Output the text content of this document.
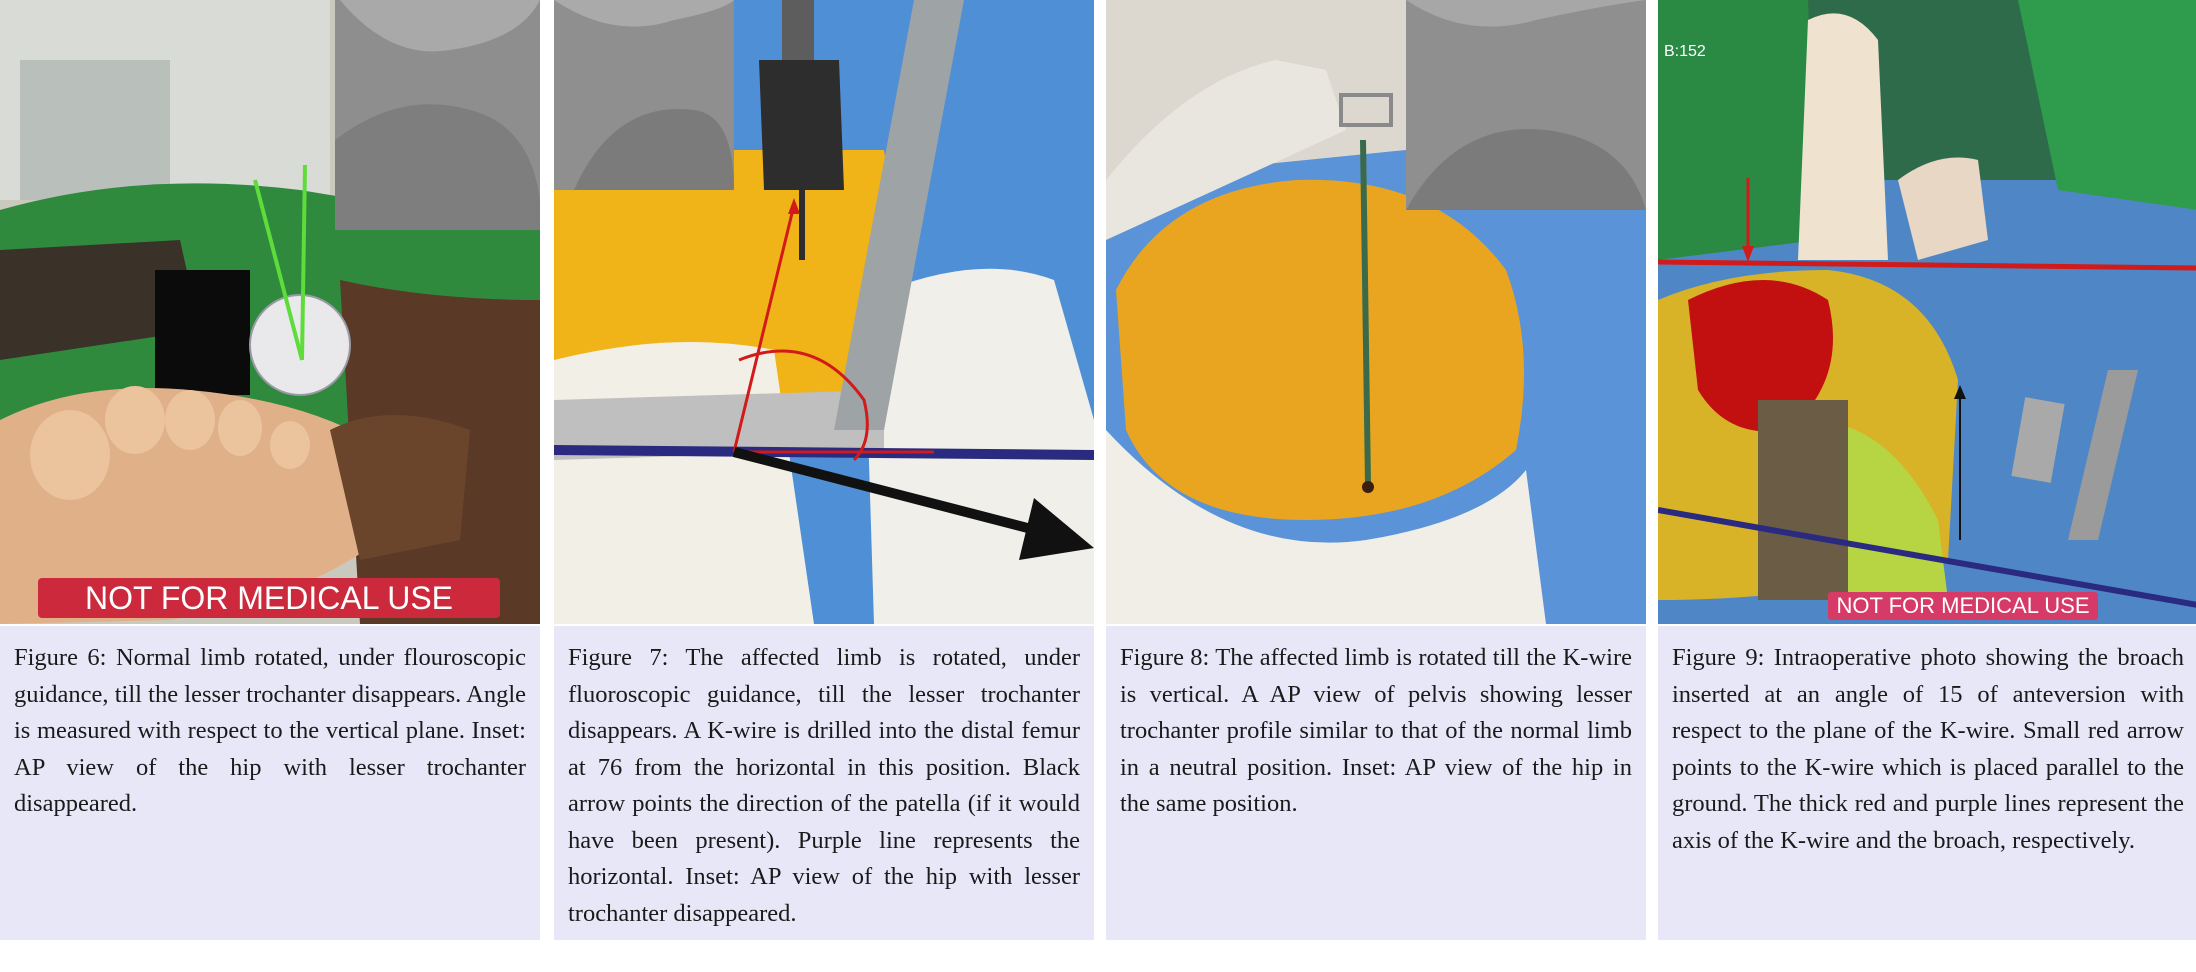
NOT FOR MEDICAL USE

Figure 6: Normal limb rotated, under flouroscopic guidance, till the lesser trochanter disappears. Angle is measured with respect to the vertical plane. Inset: AP view of the hip with lesser trochanter disappeared.

Figure 7: The affected limb is rotated, under fluoroscopic guidance, till the lesser trochanter disappears. A K-wire is drilled into the distal femur at 76 from the horizontal in this position. Black arrow points the direction of the patella (if it would have been present). Purple line represents the horizontal. Inset: AP view of the hip with lesser trochanter disappeared.

Figure 8: The affected limb is rotated till the K-wire is vertical. A AP view of pelvis showing lesser trochanter profile similar to that of the normal limb in a neutral position. Inset: AP view of the hip in the same position.

B:152
NOT FOR MEDICAL USE

Figure 9: Intraoperative photo showing the broach inserted at an angle of 15 of anteversion with respect to the plane of the K-wire. Small red arrow points to the K-wire which is placed parallel to the ground. The thick red and purple lines represent the axis of the K-wire and the broach, respectively.
